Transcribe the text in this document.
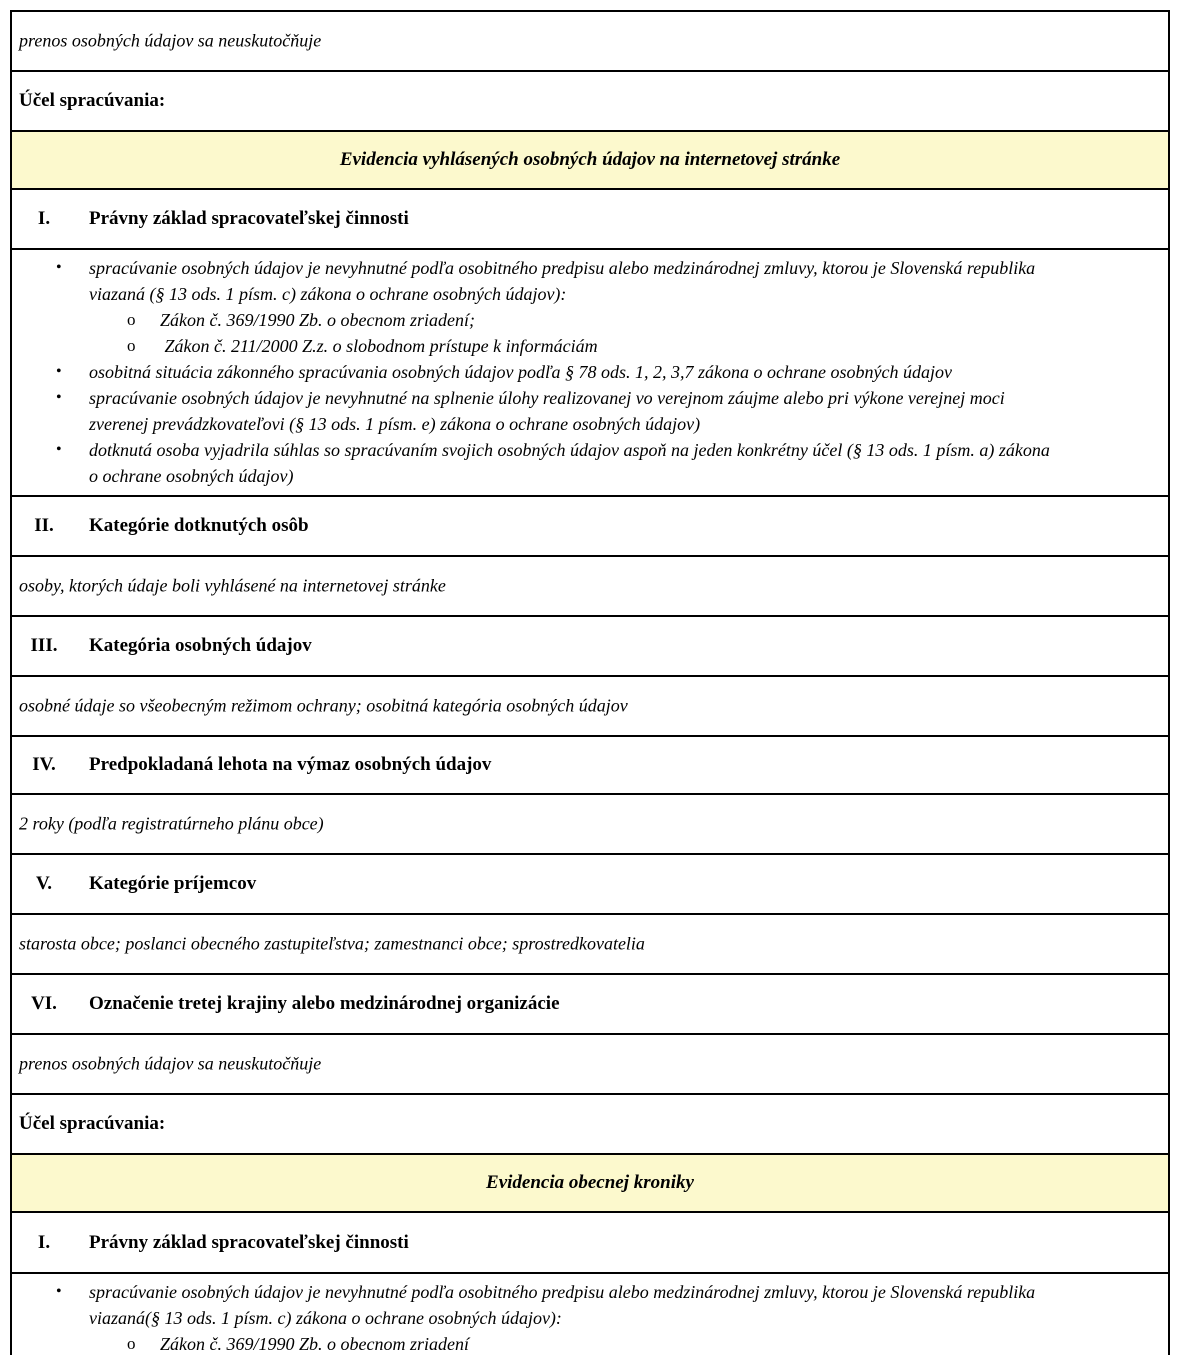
prenos osobných údajov sa neuskutočňuje
Účel spracúvania:
Evidencia vyhlásených osobných údajov na internetovej stránke
I.	Právny základ spracovateľskej činnosti
• spracúvanie osobných údajov je nevyhnutné podľa osobitného predpisu alebo medzinárodnej zmluvy, ktorou je Slovenská republika
viazaná (§ 13 ods. 1 písm. c) zákona o ochrane osobných údajov):
o Zákon č. 369/1990 Zb. o obecnom zriadení;
o Zákon č. 211/2000 Z.z. o slobodnom prístupe k informáciám
• osobitná situácia zákonného spracúvania osobných údajov podľa § 78 ods. 1, 2, 3,7 zákona o ochrane osobných údajov
• spracúvanie osobných údajov je nevyhnutné na splnenie úlohy realizovanej vo verejnom záujme alebo pri výkone verejnej moci
zverenej prevádzkovateľovi (§ 13 ods. 1 písm. e) zákona o ochrane osobných údajov)
• dotknutá osoba vyjadrila súhlas so spracúvaním svojich osobných údajov aspoň na jeden konkrétny účel (§ 13 ods. 1 písm. a) zákona
o ochrane osobných údajov)
II.	Kategórie dotknutých osôb
osoby, ktorých údaje boli vyhlásené na internetovej stránke
III.	Kategória osobných údajov
osobné údaje so všeobecným režimom ochrany; osobitná kategória osobných údajov
IV.	Predpokladaná lehota na výmaz osobných údajov
2 roky (podľa registratúrneho plánu obce)
V.	Kategórie príjemcov
starosta obce; poslanci obecného zastupiteľstva; zamestnanci obce; sprostredkovatelia
VI.	Označenie tretej krajiny alebo medzinárodnej organizácie
prenos osobných údajov sa neuskutočňuje
Účel spracúvania:
Evidencia obecnej kroniky
I.	Právny základ spracovateľskej činnosti
• spracúvanie osobných údajov je nevyhnutné podľa osobitného predpisu alebo medzinárodnej zmluvy, ktorou je Slovenská republika
viazaná(§ 13 ods. 1 písm. c) zákona o ochrane osobných údajov):
o Zákon č. 369/1990 Zb. o obecnom zriadení
